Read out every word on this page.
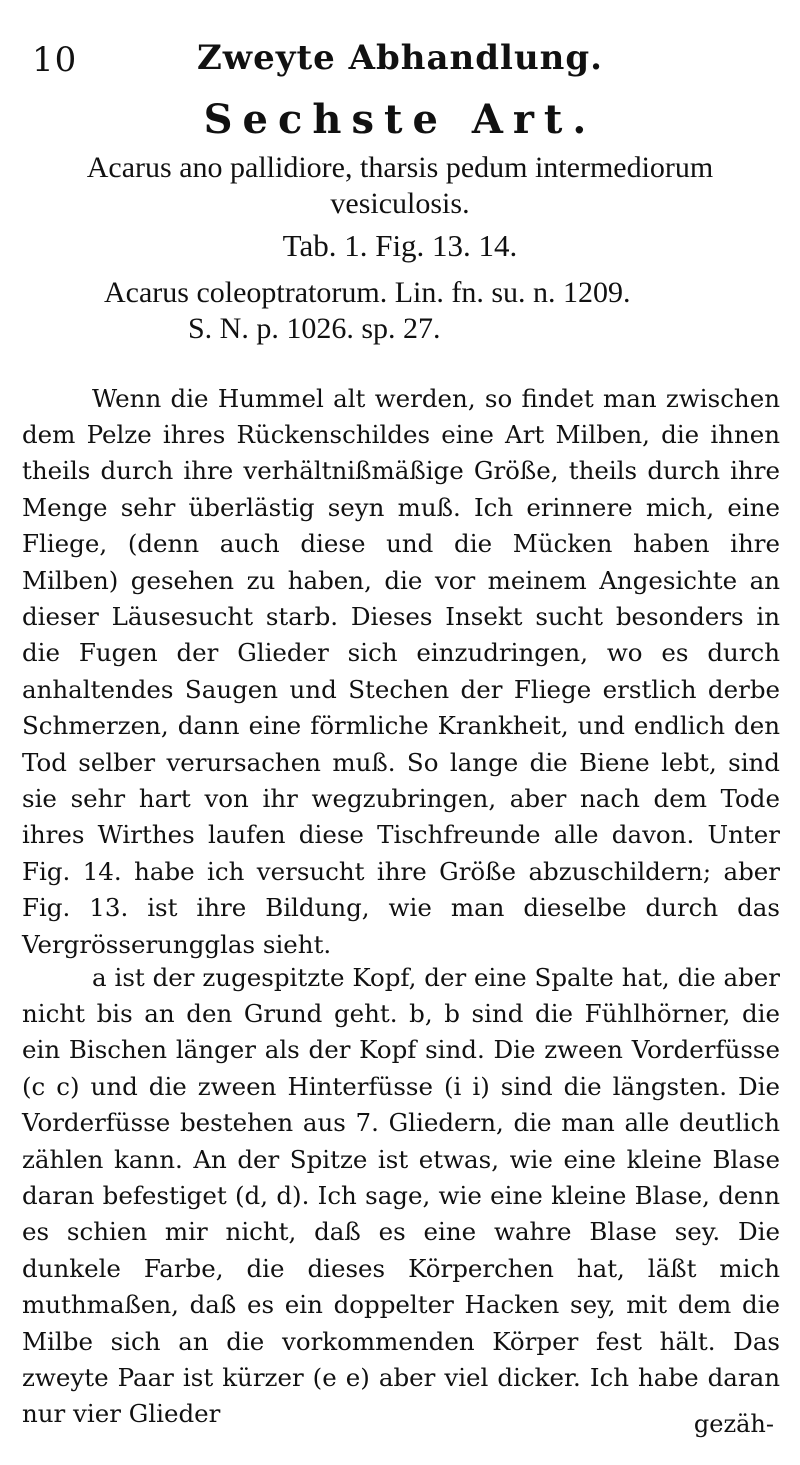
10	Zweyte Abhandlung.
Sechste Art.
Acarus ano pallidiore, tharsis pedum intermediorum vesiculosis.
Tab. 1. Fig. 13. 14.
Acarus coleoptratorum. Lin. fn. su. n. 1209.
S. N. p. 1026. sp. 27.

Wenn die Hummel alt werden, so findet man zwischen dem Pelze ihres Rückenschildes eine Art Milben, die ihnen theils durch ihre verhältnißmäßige Größe, theils durch ihre Menge sehr überlästig seyn muß. Ich erinnere mich, eine Fliege, (denn auch diese und die Mücken haben ihre Milben) gesehen zu haben, die vor meinem Angesichte an dieser Läusesucht starb. Dieses Insekt sucht besonders in die Fugen der Glieder sich einzudringen, wo es durch anhaltendes Saugen und Stechen der Fliege erstlich derbe Schmerzen, dann eine förmliche Krankheit, und endlich den Tod selber verursachen muß. So lange die Biene lebt, sind sie sehr hart von ihr wegzubringen, aber nach dem Tode ihres Wirthes laufen diese Tischfreunde alle davon. Unter Fig. 14. habe ich versucht ihre Größe abzuschildern; aber Fig. 13. ist ihre Bildung, wie man dieselbe durch das Vergrösserungglas sieht.

a ist der zugespitzte Kopf, der eine Spalte hat, die aber nicht bis an den Grund geht. b, b sind die Fühlhörner, die ein Bischen länger als der Kopf sind. Die zween Vorderfüsse (c c) und die zween Hinterfüsse (i i) sind die längsten. Die Vorderfüsse bestehen aus 7. Gliedern, die man alle deutlich zählen kann. An der Spitze ist etwas, wie eine kleine Blase daran befestiget (d, d). Ich sage, wie eine kleine Blase, denn es schien mir nicht, daß es eine wahre Blase sey. Die dunkele Farbe, die dieses Körperchen hat, läßt mich muthmaßen, daß es ein doppelter Hacken sey, mit dem die Milbe sich an die vorkommenden Körper fest hält. Das zweyte Paar ist kürzer (e e) aber viel dicker. Ich habe daran nur vier Glieder	gezäh-
